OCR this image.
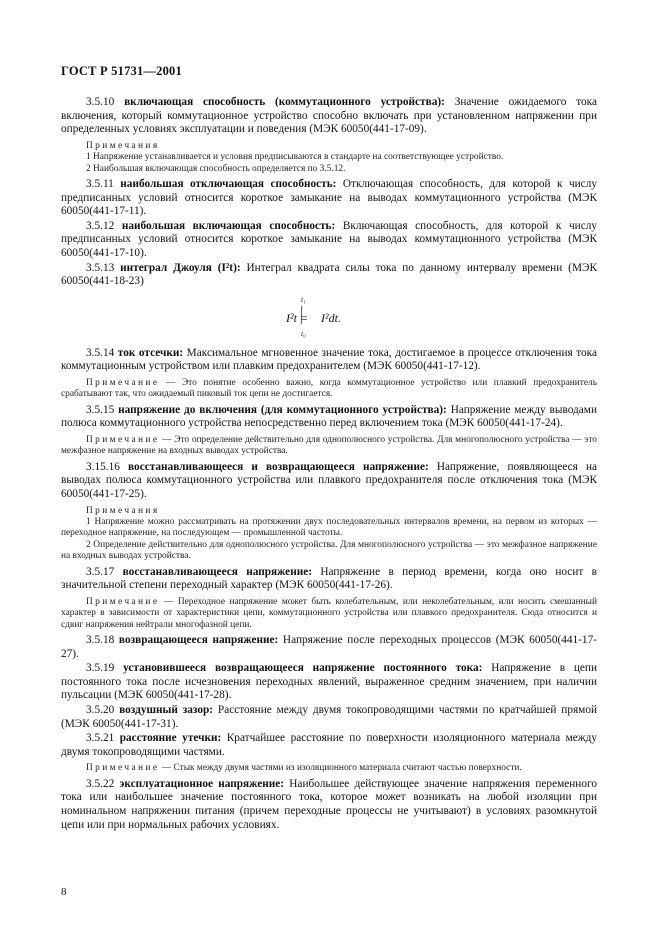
ГОСТ Р 51731—2001

3.5.10 включающая способность (коммутационного устройства): Значение ожидаемого тока включения, который коммутационное устройство способно включать при установленном напряжении при определенных условиях эксплуатации и поведения (МЭК 60050(441-17-09).

Примечания

1 Напряжение устанавливается и условия предписываются в стандарте на соответствующее устройство.

2 Наибольшая включающая способность определяется по 3.5.12.

3.5.11 наибольшая отключающая способность: Отключающая способность, для которой к числу предписанных условий относится короткое замыкание на выводах коммутационного устройства (МЭК 60050(441-17-11).

3.5.12 наибольшая включающая способность: Включающая способность, для которой к числу предписанных условий относится короткое замыкание на выводах коммутационного устройства (МЭК 60050(441-17-10).

3.5.13 интеграл Джоуля (I²t): Интеграл квадрата силы тока по данному интервалу времени (МЭК 60050(441-18-23)

I²t = I²dt.
t₁
t₀

3.5.14 ток отсечки: Максимальное мгновенное значение тока, достигаемое в процессе отключения тока коммутационным устройством или плавким предохранителем (МЭК 60050(441-17-12).

Примечание — Это понятие особенно важно, когда коммутационное устройство или плавкий предохранитель срабатывают так, что ожидаемый пиковый ток цепи не достигается.

3.5.15 напряжение до включения (для коммутационного устройства): Напряжение между выводами полюса коммутационного устройства непосредственно перед включением тока (МЭК 60050(441-17-24).

Примечание — Это определение действительно для однополюсного устройства. Для многополюсного устройства — это межфазное напряжение на входных выводах устройства.

3.15.16 восстанавливающееся и возвращающееся напряжение: Напряжение, появляющееся на выводах полюса коммутационного устройства или плавкого предохранителя после отключения тока (МЭК 60050(441-17-25).

Примечания

1 Напряжение можно рассматривать на протяжении двух последовательных интервалов времени, на первом из которых — переходное напряжение, на последующем — промышленной частоты.

2 Определение действительно для однополюсного устройства. Для многополюсного устройства — это межфазное напряжение на входных выводах устройства.

3.5.17 восстанавливающееся напряжение: Напряжение в период времени, когда оно носит в значительной степени переходный характер (МЭК 60050(441-17-26).

Примечание — Переходное напряжение может быть колебательным, или неколебательным, или носить смешанный характер в зависимости от характеристики цепи, коммутационного устройства или плавкого предохранителя. Сюда относится и сдвиг напряжения нейтрали многофазной цепи.

3.5.18 возвращающееся напряжение: Напряжение после переходных процессов (МЭК 60050(441-17-27).

3.5.19 установившееся возвращающееся напряжение постоянного тока: Напряжение в цепи постоянного тока после исчезновения переходных явлений, выраженное средним значением, при наличии пульсации (МЭК 60050(441-17-28).

3.5.20 воздушный зазор: Расстояние между двумя токопроводящими частями по кратчайшей прямой (МЭК 60050(441-17-31).

3.5.21 расстояние утечки: Кратчайшее расстояние по поверхности изоляционного материала между двумя токопроводящими частями.

Примечание — Стык между двумя частями из изоляционного материала считают частью поверхности.

3.5.22 эксплуатационное напряжение: Наибольшее действующее значение напряжения переменного тока или наибольшее значение постоянного тока, которое может возникать на любой изоляции при номинальном напряжении питания (причем переходные процессы не учитывают) в условиях разомкнутой цепи или при нормальных рабочих условиях.

8
